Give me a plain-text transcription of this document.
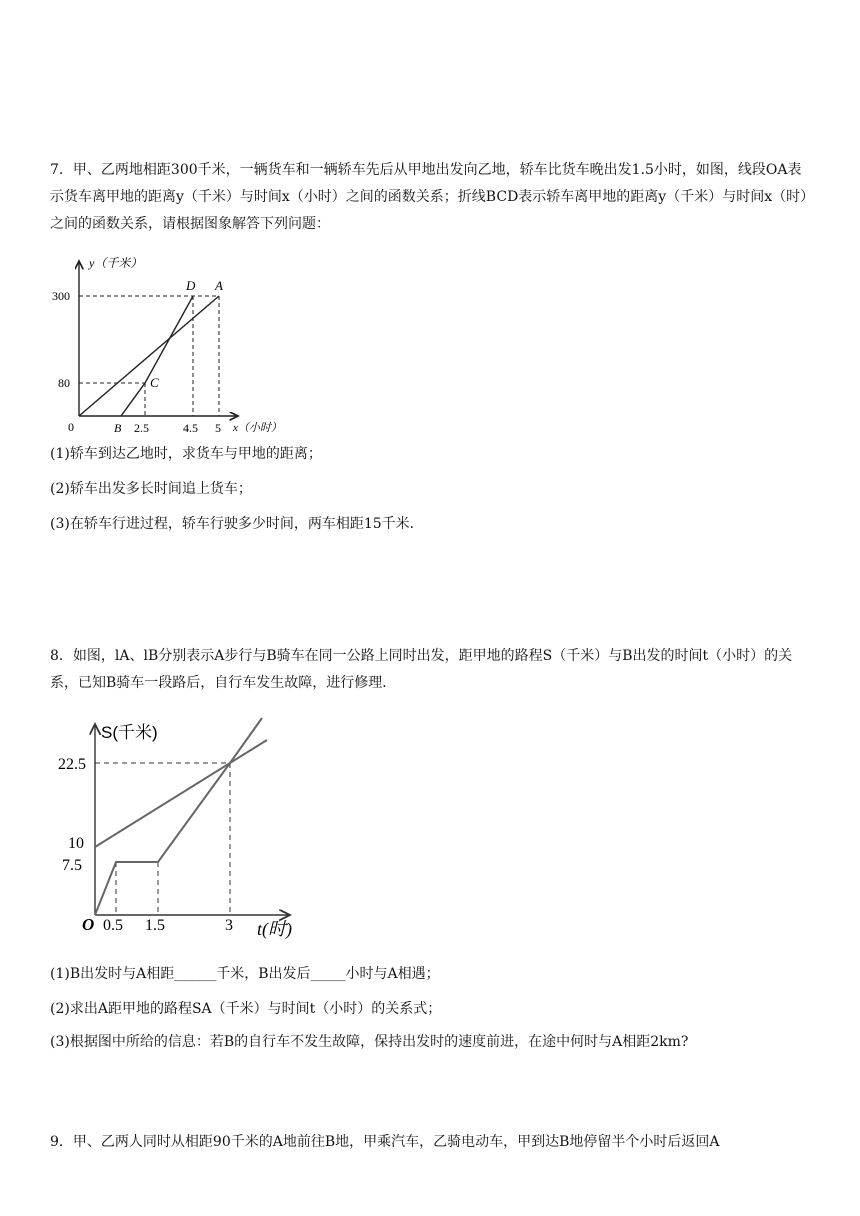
7．甲、乙两地相距300千米，一辆货车和一辆轿车先后从甲地出发向乙地，轿车比货车晚出发1.5小时，如图，线段OA表示货车离甲地的距离y（千米）与时间x（小时）之间的函数关系；折线BCD表示轿车离甲地的距离y（千米）与时间x（时）之间的函数关系，请根据图象解答下列问题：

y（千米）
300
80
0	B 2.5	4.5 5 x（小时）
D A
C
(1)轿车到达乙地时，求货车与甲地的距离；
(2)轿车出发多长时间追上货车；
(3)在轿车行进过程，轿车行驶多少时间，两车相距15千米．

8．如图，lA、lB分别表示A步行与B骑车在同一公路上同时出发，距甲地的路程S（千米）与B出发的时间t（小时）的关系，已知B骑车一段路后，自行车发生故障，进行修理．

S(千米)
22.5
10
7.5
O 0.5 1.5	3 t(时)
(1)B出发时与A相距______千米，B出发后_____小时与A相遇；
(2)求出A距甲地的路程SA（千米）与时间t（小时）的关系式；
(3)根据图中所给的信息：若B的自行车不发生故障，保持出发时的速度前进，在途中何时与A相距2km?
9．甲、乙两人同时从相距90千米的A地前往B地，甲乘汽车，乙骑电动车，甲到达B地停留半个小时后返回A
